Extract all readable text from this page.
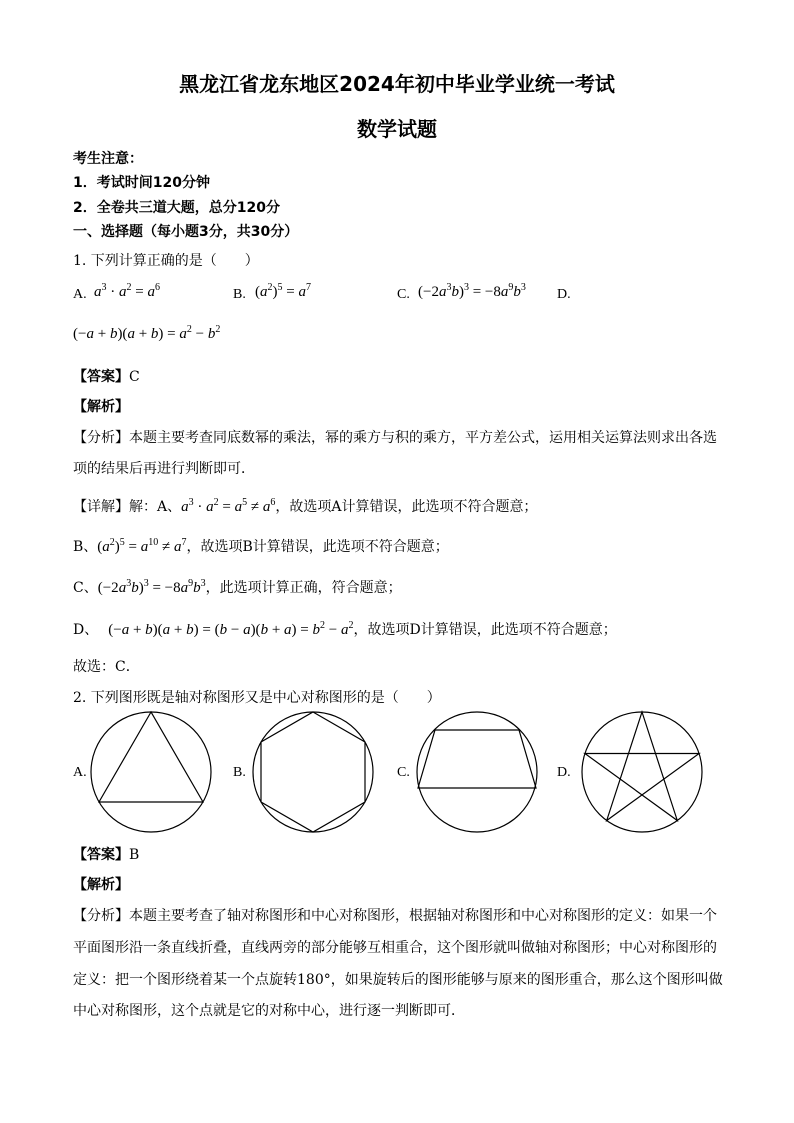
黑龙江省龙东地区2024年初中毕业学业统一考试
数学试题
考生注意：
1．考试时间120分钟
2．全卷共三道大题，总分120分
一、选择题（每小题3分，共30分）
1. 下列计算正确的是（　　）
A. $a^3 \cdot a^2 = a^6$	B. $(a^2)^5 = a^7$	C. $(-2a^3b)^3 = -8a^9b^3$ D.
$(-a + b)(a + b) = a^2 - b^2$
【答案】C
【解析】
【分析】本题主要考查同底数幂的乘法，幂的乘方与积的乘方，平方差公式，运用相关运算法则求出各选
项的结果后再进行判断即可．
【详解】解：A、$a^3 \cdot a^2 = a^5 \ne a^6$，故选项A计算错误，此选项不符合题意；
B、$(a^2)^5 = a^{10} \ne a^7$，故选项B计算错误，此选项不符合题意；
C、$(-2a^3b)^3 = -8a^9b^3$，此选项计算正确，符合题意；
D、 $(-a + b)(a + b) = (b - a)(b + a) = b^2 - a^2$，故选项D计算错误，此选项不符合题意；
故选：C．
2. 下列图形既是轴对称图形又是中心对称图形的是（　　）
A.	B.	C.	D.
【答案】B
【解析】
【分析】本题主要考查了轴对称图形和中心对称图形，根据轴对称图形和中心对称图形的定义：如果一个
平面图形沿一条直线折叠，直线两旁的部分能够互相重合，这个图形就叫做轴对称图形；中心对称图形的
定义：把一个图形绕着某一个点旋转180°，如果旋转后的图形能够与原来的图形重合，那么这个图形叫做
中心对称图形，这个点就是它的对称中心，进行逐一判断即可．
